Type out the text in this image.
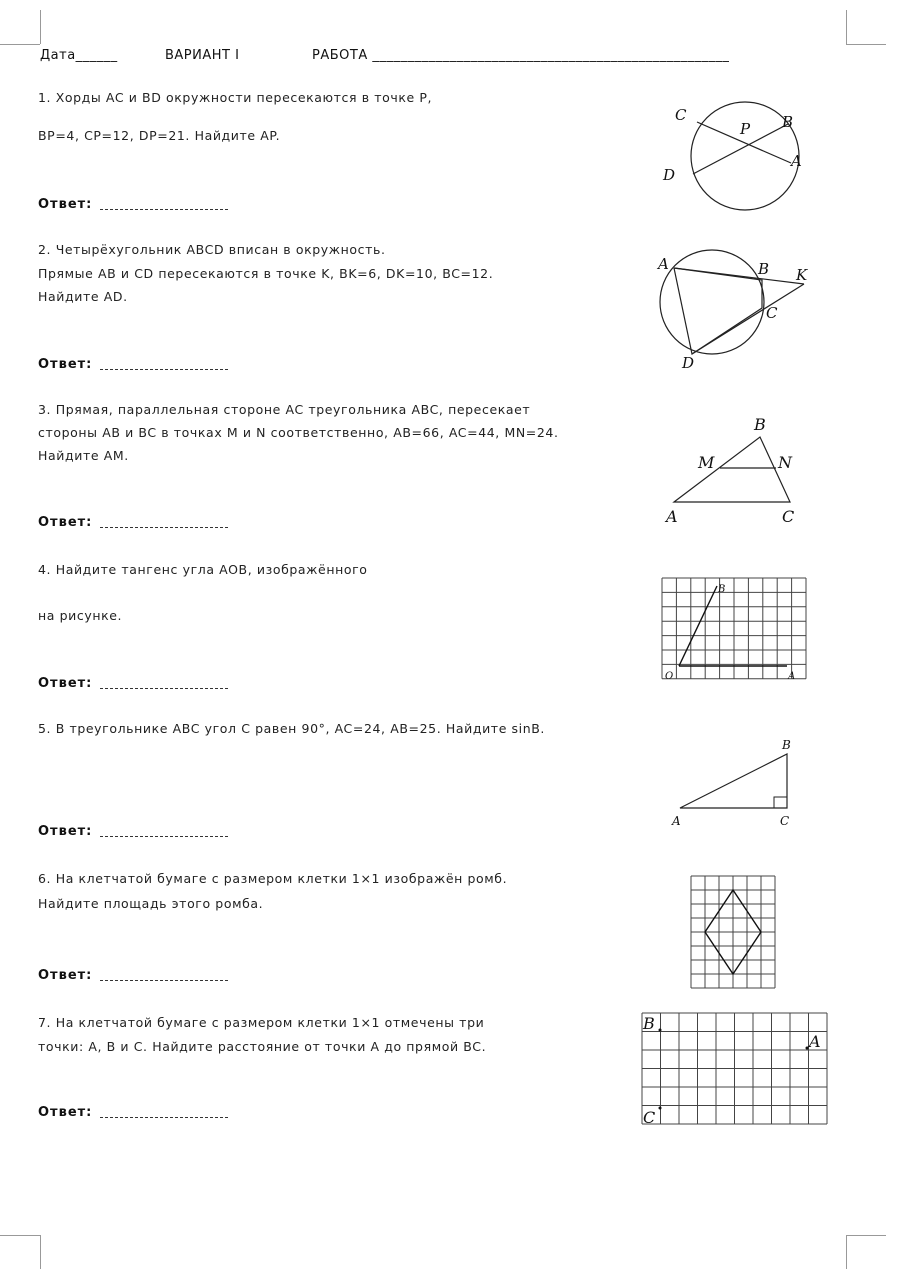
Дата______	ВАРИАНТ I	РАБОТА ___________________________________________________
1. Хорды AC и BD окружности пересекаются в точке P,
BP=4, CP=12, DP=21. Найдите AP.
Ответ:
2. Четырёхугольник ABCD вписан в окружность.
Прямые AB и CD пересекаются в точке K, BK=6, DK=10, BC=12.
Найдите AD.
Ответ:
3. Прямая, параллельная стороне AC треугольника ABC, пересекает
стороны AB и BC в точках M и N соответственно, AB=66, AC=44, MN=24.
Найдите AM.
Ответ:
4. Найдите тангенс угла AOB, изображённого
на рисунке.
Ответ:
5. В треугольнике ABC угол C равен 90°, AC=24, AB=25. Найдите sinB.
Ответ:
6. На клетчатой бумаге с размером клетки 1×1 изображён ромб.
Найдите площадь этого ромба.
Ответ:
7. На клетчатой бумаге с размером клетки 1×1 отмечены три
точки: A, B и C. Найдите расстояние от точки A до прямой BC.
Ответ:
C
P B
A
D
A	B K
C
D
B
M	N
A	C
B
O	A
B
A	C
B
A
C
